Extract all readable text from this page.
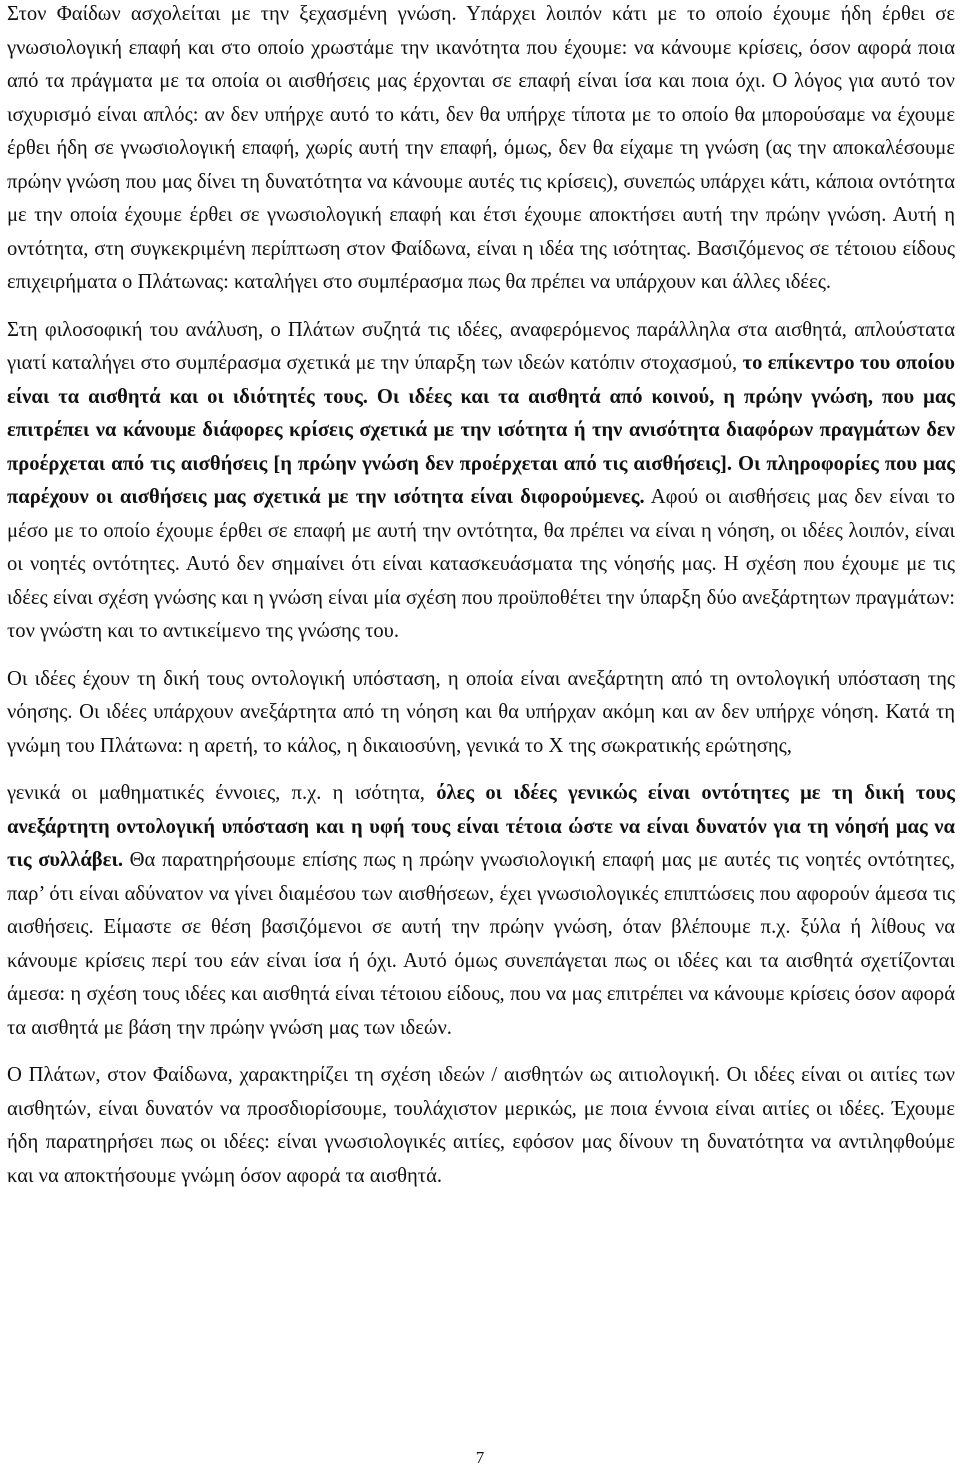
Στον Φαίδων ασχολείται με την ξεχασμένη γνώση. Υπάρχει λοιπόν κάτι με το οποίο έχουμε ήδη έρθει σε γνωσιολογική επαφή και στο οποίο χρωστάμε την ικανότητα που έχουμε: να κάνουμε κρίσεις, όσον αφορά ποια από τα πράγματα με τα οποία οι αισθήσεις μας έρχονται σε επαφή είναι ίσα και ποια όχι. Ο λόγος για αυτό τον ισχυρισμό είναι απλός: αν δεν υπήρχε αυτό το κάτι, δεν θα υπήρχε τίποτα με το οποίο θα μπορούσαμε να έχουμε έρθει ήδη σε γνωσιολογική επαφή, χωρίς αυτή την επαφή, όμως, δεν θα είχαμε τη γνώση (ας την αποκαλέσουμε πρώην γνώση που μας δίνει τη δυνατότητα να κάνουμε αυτές τις κρίσεις), συνεπώς υπάρχει κάτι, κάποια οντότητα με την οποία έχουμε έρθει σε γνωσιολογική επαφή και έτσι έχουμε αποκτήσει αυτή την πρώην γνώση. Αυτή η οντότητα, στη συγκεκριμένη περίπτωση στον Φαίδωνα, είναι η ιδέα της ισότητας. Βασιζόμενος σε τέτοιου είδους επιχειρήματα ο Πλάτωνας: καταλήγει στο συμπέρασμα πως θα πρέπει να υπάρχουν και άλλες ιδέες.

Στη φιλοσοφική του ανάλυση, ο Πλάτων συζητά τις ιδέες, αναφερόμενος παράλληλα στα αισθητά, απλούστατα γιατί καταλήγει στο συμπέρασμα σχετικά με την ύπαρξη των ιδεών κατόπιν στοχασμού, το επίκεντρο του οποίου είναι τα αισθητά και οι ιδιότητές τους. Οι ιδέες και τα αισθητά από κοινού, η πρώην γνώση, που μας επιτρέπει να κάνουμε διάφορες κρίσεις σχετικά με την ισότητα ή την ανισότητα διαφόρων πραγμάτων δεν προέρχεται από τις αισθήσεις [η πρώην γνώση δεν προέρχεται από τις αισθήσεις]. Οι πληροφορίες που μας παρέχουν οι αισθήσεις μας σχετικά με την ισότητα είναι διφορούμενες. Αφού οι αισθήσεις μας δεν είναι το μέσο με το οποίο έχουμε έρθει σε επαφή με αυτή την οντότητα, θα πρέπει να είναι η νόηση, οι ιδέες λοιπόν, είναι οι νοητές οντότητες. Αυτό δεν σημαίνει ότι είναι κατασκευάσματα της νόησής μας. Η σχέση που έχουμε με τις ιδέες είναι σχέση γνώσης και η γνώση είναι μία σχέση που προϋποθέτει την ύπαρξη δύο ανεξάρτητων πραγμάτων: τον γνώστη και το αντικείμενο της γνώσης του.

Οι ιδέες έχουν τη δική τους οντολογική υπόσταση, η οποία είναι ανεξάρτητη από τη οντολογική υπόσταση της νόησης. Οι ιδέες υπάρχουν ανεξάρτητα από τη νόηση και θα υπήρχαν ακόμη και αν δεν υπήρχε νόηση. Κατά τη γνώμη του Πλάτωνα: η αρετή, το κάλος, η δικαιοσύνη, γενικά το Χ της σωκρατικής ερώτησης,

γενικά οι μαθηματικές έννοιες, π.χ. η ισότητα, όλες οι ιδέες γενικώς είναι οντότητες με τη δική τους ανεξάρτητη οντολογική υπόσταση και η υφή τους είναι τέτοια ώστε να είναι δυνατόν για τη νόησή μας να τις συλλάβει. Θα παρατηρήσουμε επίσης πως η πρώην γνωσιολογική επαφή μας με αυτές τις νοητές οντότητες, παρ’ ότι είναι αδύνατον να γίνει διαμέσου των αισθήσεων, έχει γνωσιολογικές επιπτώσεις που αφορούν άμεσα τις αισθήσεις. Είμαστε σε θέση βασιζόμενοι σε αυτή την πρώην γνώση, όταν βλέπουμε π.χ. ξύλα ή λίθους να κάνουμε κρίσεις περί του εάν είναι ίσα ή όχι. Αυτό όμως συνεπάγεται πως οι ιδέες και τα αισθητά σχετίζονται άμεσα: η σχέση τους ιδέες και αισθητά είναι τέτοιου είδους, που να μας επιτρέπει να κάνουμε κρίσεις όσον αφορά τα αισθητά με βάση την πρώην γνώση μας των ιδεών.

Ο Πλάτων, στον Φαίδωνα, χαρακτηρίζει τη σχέση ιδεών / αισθητών ως αιτιολογική. Οι ιδέες είναι οι αιτίες των αισθητών, είναι δυνατόν να προσδιορίσουμε, τουλάχιστον μερικώς, με ποια έννοια είναι αιτίες οι ιδέες. Έχουμε ήδη παρατηρήσει πως οι ιδέες: είναι γνωσιολογικές αιτίες, εφόσον μας δίνουν τη δυνατότητα να αντιληφθούμε και να αποκτήσουμε γνώμη όσον αφορά τα αισθητά.

7
